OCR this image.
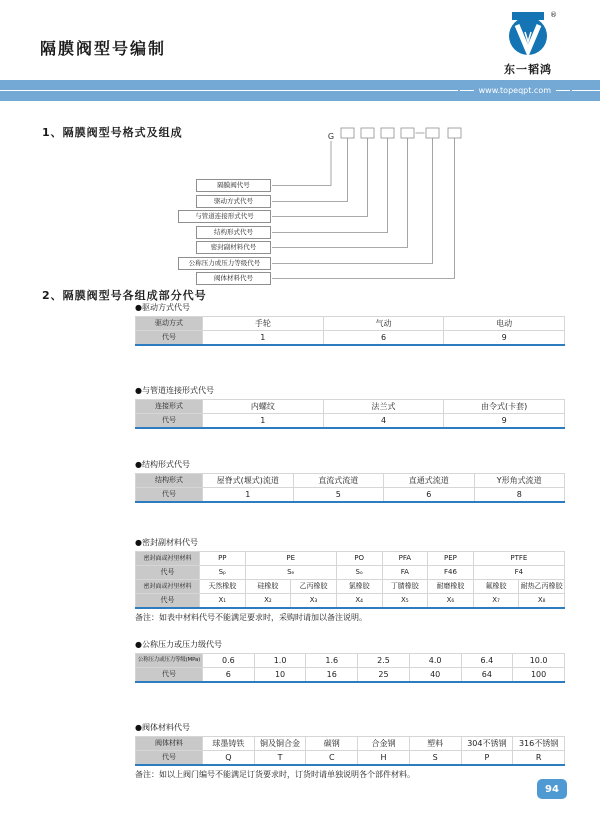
隔膜阀型号编制
®
东一韬鸿
www.topeqpt.com
1、隔膜阀型号格式及组成	G
隔膜阀代号
驱动方式代号
与管道连接形式代号
结构形式代号
密封副材料代号
公称压力或压力等级代号
阀体材料代号
2、隔膜阀型号各组成部分代号
●驱动方式代号
驱动方式	手轮	气动	电动
代号	1	6	9
●与管道连接形式代号
连接形式	内螺纹	法兰式	由令式(卡套)
代号	1	4	9
●结构形式代号
结构形式	屋脊式(堰式)流道	直流式流道	直通式流道	Y形角式流道
代号	1	5	6	8
●密封副材料代号
密封面或衬里材料	PP	PE		PO	PFA	PEP	PTFE	
代号	Sₚ	Sₑ		Sₒ	FA	F46	F4	
密封面或衬里材料	天然橡胶	硅橡胶	乙丙橡胶	氯橡胶	丁腈橡胶	耐磨橡胶	氟橡胶	耐热乙丙橡胶
代号	X₁	X₂	X₃	X₄	X₅	X₆	X₇	X₈
备注：如表中材料代号不能满足要求时，采购时请加以备注说明。
●公称压力或压力级代号
公称压力或压力等级(MPa)	0.6	1.0	1.6	2.5	4.0	6.4	10.0
代号	6	10	16	25	40	64	100
●阀体材料代号
阀体材料	球墨铸铁	铜及铜合金	碳钢	合金钢	塑料	304不锈钢	316不锈钢
代号	Q	T	C	H	S	P	R
备注：如以上阀门编号不能满足订货要求时，订货时请单独说明各个部件材料。
94
